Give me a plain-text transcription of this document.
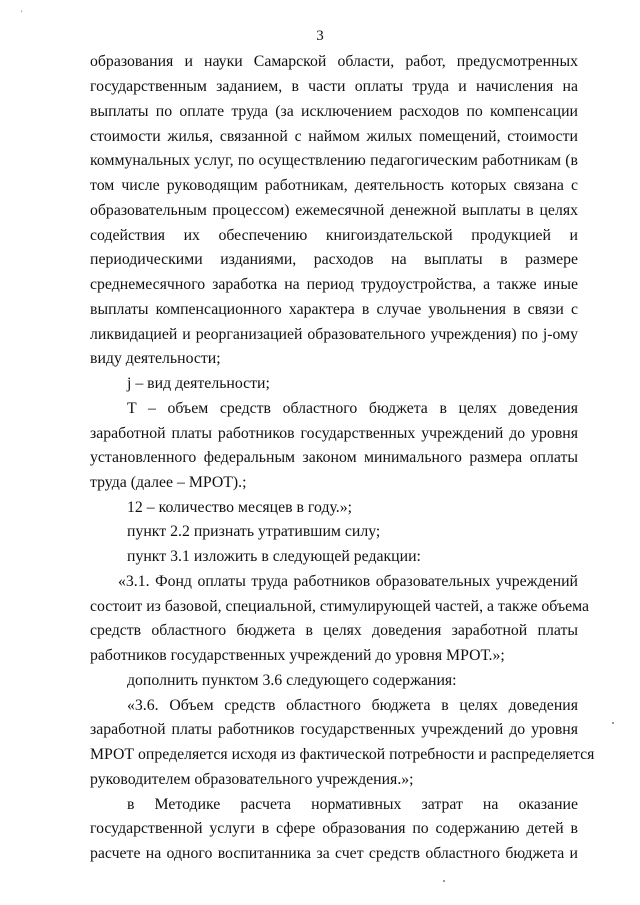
'
3
образования и науки Самарской области, работ, предусмотренных
государственным заданием, в части оплаты труда и начисления на
выплаты по оплате труда (за исключением расходов по компенсации
стоимости жилья, связанной с наймом жилых помещений, стоимости
коммунальных услуг, по осуществлению педагогическим работникам (в
том числе руководящим работникам, деятельность которых связана с
образовательным процессом) ежемесячной денежной выплаты в целях
содействия их обеспечению книгоиздательской продукцией и
периодическими изданиями, расходов на выплаты в размере
среднемесячного заработка на период трудоустройства, а также иные
выплаты компенсационного характера в случае увольнения в связи с
ликвидацией и реорганизацией образовательного учреждения) по j-ому
виду деятельности;
j – вид деятельности;
T – объем средств областного бюджета в целях доведения
заработной платы работников государственных учреждений до уровня
установленного федеральным законом минимального размера оплаты
труда (далее – МРОТ).;
12 – количество месяцев в году.»;
пункт 2.2 признать утратившим силу;
пункт 3.1 изложить в следующей редакции:
«3.1. Фонд оплаты труда работников образовательных учреждений
состоит из базовой, специальной, стимулирующей частей, а также объема
средств областного бюджета в целях доведения заработной платы
работников государственных учреждений до уровня МРОТ.»;
дополнить пунктом 3.6 следующего содержания:
«3.6. Объем средств областного бюджета в целях доведения
заработной платы работников государственных учреждений до уровня
МРОТ определяется исходя из фактической потребности и распределяется
руководителем образовательного учреждения.»;
в Методике расчета нормативных затрат на оказание
государственной услуги в сфере образования по содержанию детей в
расчете на одного воспитанника за счет средств областного бюджета и
